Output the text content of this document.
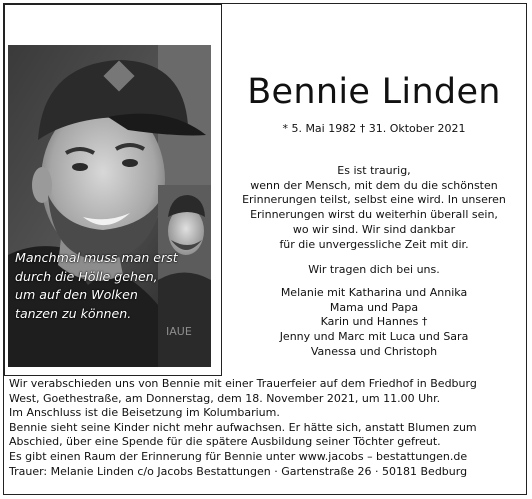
IAUE
Manchmal muss man erst
durch die Hölle gehen,
um auf den Wolken
tanzen zu können.
Bennie Linden
* 5. Mai 1982 † 31. Oktober 2021
Es ist traurig,
wenn der Mensch, mit dem du die schönsten
Erinnerungen teilst, selbst eine wird. In unseren
Erinnerungen wirst du weiterhin überall sein,
wo wir sind. Wir sind dankbar
für die unvergessliche Zeit mit dir.
Wir tragen dich bei uns.
Melanie mit Katharina und Annika
Mama und Papa
Karin und Hannes †
Jenny und Marc mit Luca und Sara
Vanessa und Christoph
Wir verabschieden uns von Bennie mit einer Trauerfeier auf dem Friedhof in Bedburg
West, Goethestraße, am Donnerstag, dem 18. November 2021, um 11.00 Uhr.
Im Anschluss ist die Beisetzung im Kolumbarium.
Bennie sieht seine Kinder nicht mehr aufwachsen. Er hätte sich, anstatt Blumen zum
Abschied, über eine Spende für die spätere Ausbildung seiner Töchter gefreut.
Es gibt einen Raum der Erinnerung für Bennie unter www.jacobs – bestattungen.de
Trauer: Melanie Linden c/o Jacobs Bestattungen · Gartenstraße 26 · 50181 Bedburg
